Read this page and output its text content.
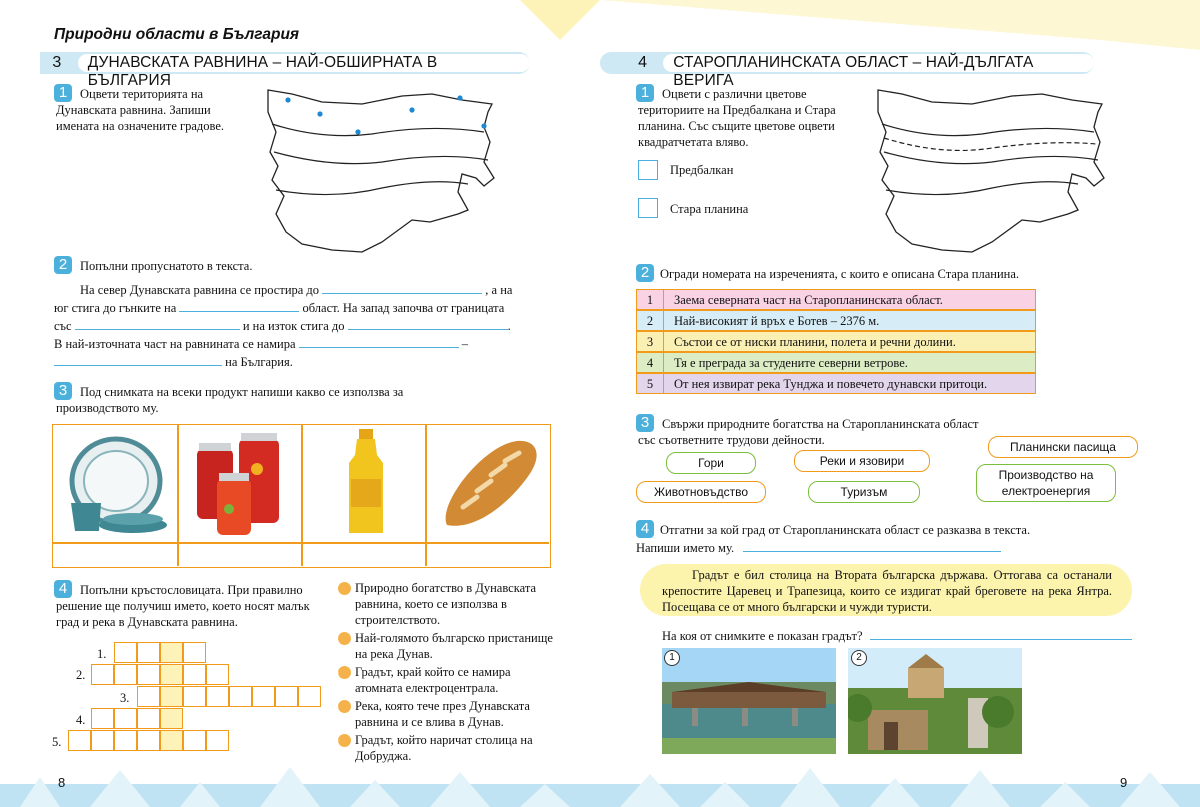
8	9
Природни области в България
3	ДУНАВСКАТА РАВНИНА – НАЙ-ОБШИРНАТА В БЪЛГАРИЯ
1	Оцвети територията на Дунавската равнина. Запиши имената на означените градове.
2	Попълни пропуснатото в текста.
На север Дунавската равнина се простира до	, а на
юг стига до гънките на	област. На запад започва от границата
със	и на изток стига до	.
В най-източната част на равнината се намира	–
на България.
3	Под снимката на всеки продукт напиши какво се използва за производството му.
4	Попълни кръстословицата. При правилно решение ще получиш името, което носят малък град и река в Дунавската равнина.
1.
2.
3.
4.
5.
1 Природно богатство в Дунавската равнина, което се използва в строителството.
2 Най-голямото българско пристанище на река Дунав.
3 Градът, край който се намира атомната електроцентрала.
4 Река, която тече през Дунавската равнина и се влива в Дунав.
5 Градът, който наричат столица на Добруджа.
4	СТАРОПЛАНИНСКАТА ОБЛАСТ – НАЙ-ДЪЛГАТА ВЕРИГА
1	Оцвети с различни цветове териториите на Предбалкана и Стара планина. Със същите цветове оцвети квадратчетата вляво.
Предбалкан
Стара планина
2 Огради номерата на изреченията, с които е описана Стара планина.
1 Заема северната част на Старопланинската област.
2 Най-високият й връх е Ботев – 2376 м.
3 Състои се от ниски планини, полета и речни долини.
4 Тя е преграда за студените северни ветрове.
5 От нея извират река Тунджа и повечето дунавски притоци.
3	Свържи природните богатства на Старопланинската област със съответните трудови дейности.
Гори	Реки и язовири
Планински пасища
Животновъдство	Туризъм
Производство на
електроенергия
4 Отгатни за кой град от Старопланинската област се разказва в текста.
Напиши името му.
Градът е бил столица на Втората българска държава. Оттогава са останали крепостите Царевец и Трапезица, които се издигат край бреговете на река Янтра. Посещава се от много български и чужди туристи.
На коя от снимките е показан градът?
1	2
